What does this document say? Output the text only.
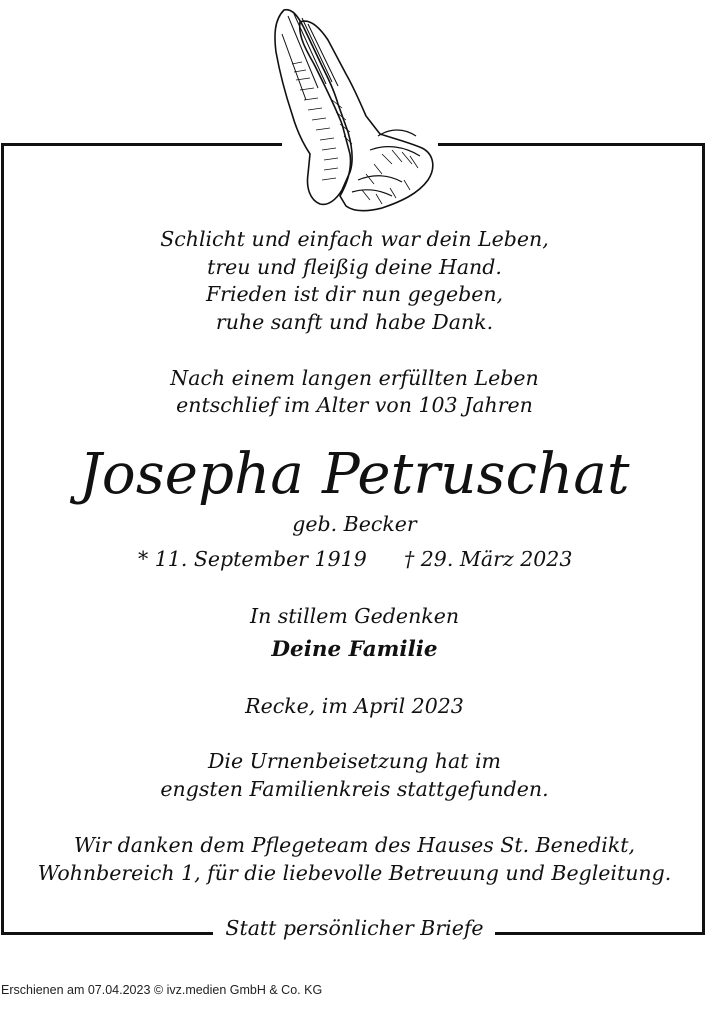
Schlicht und einfach war dein Leben,
treu und fleißig deine Hand.
Frieden ist dir nun gegeben,
ruhe sanft und habe Dank.
Nach einem langen erfüllten Leben
entschlief im Alter von 103 Jahren
Josepha Petruschat
geb. Becker
* 11. September 1919 † 29. März 2023
In stillem Gedenken
Deine Familie
Recke, im April 2023
Die Urnenbeisetzung hat im
engsten Familienkreis stattgefunden.
Wir danken dem Pflegeteam des Hauses St. Benedikt,
Wohnbereich 1, für die liebevolle Betreuung und Begleitung.
Statt persönlicher Briefe
Erschienen am 07.04.2023 © ivz.medien GmbH & Co. KG
